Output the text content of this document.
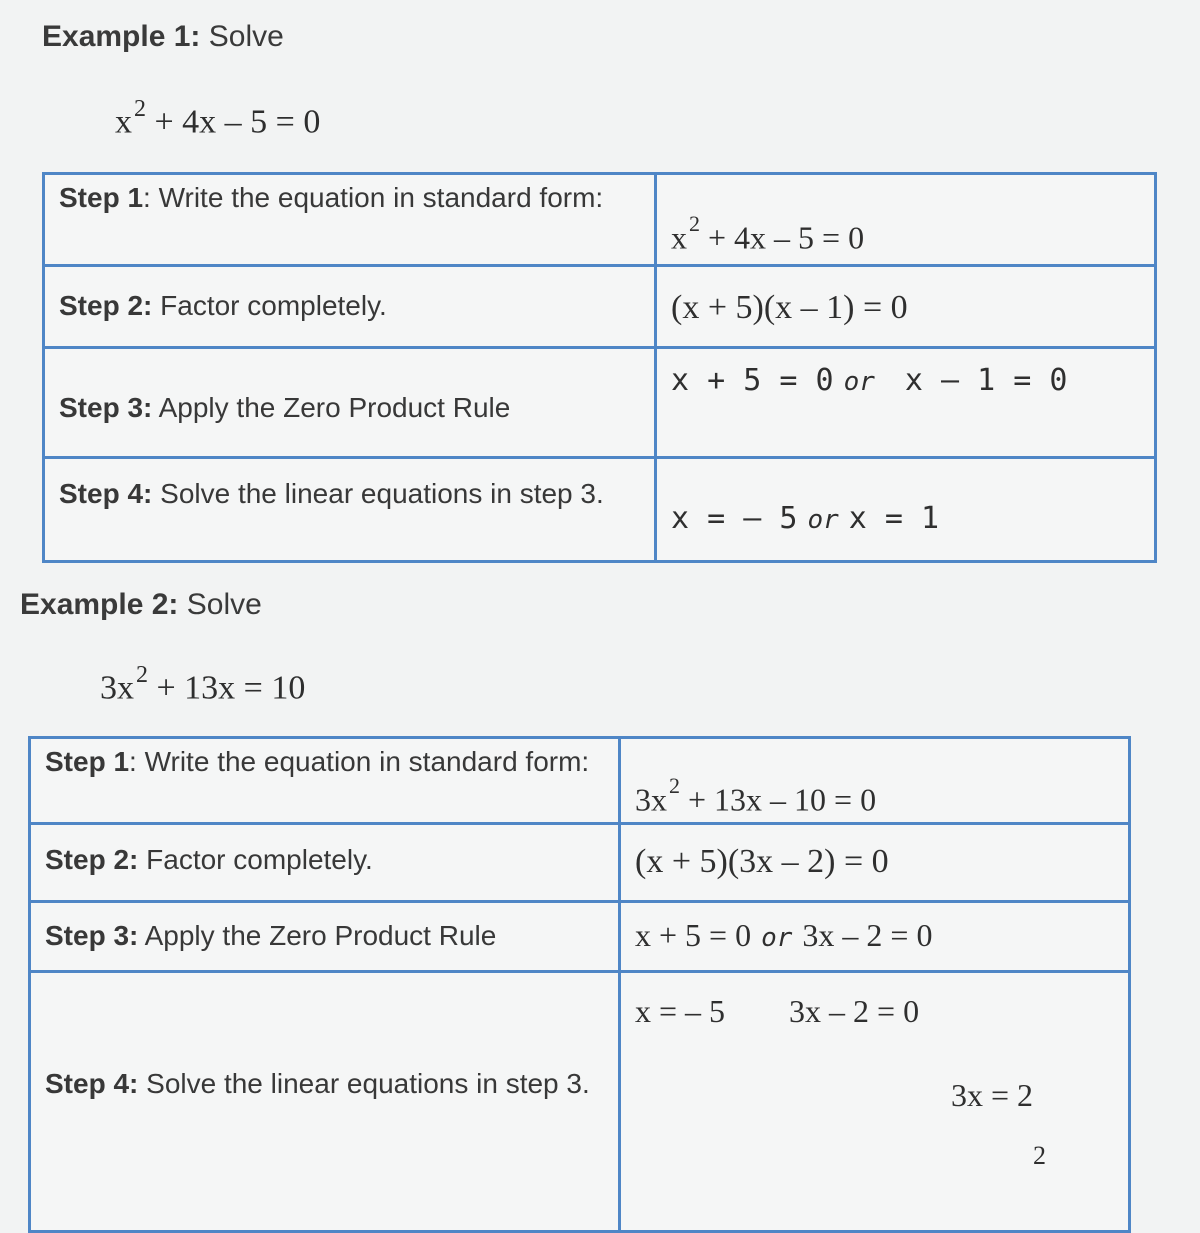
Example 1: Solve
$x^2 + 4x - 5 = 0$
Step 1: Write the equation in standard form:	$x^2 + 4x - 5 = 0$

Step 2: Factor completely.	(x + 5)(x – 1) = 0

Step 3: Apply the Zero Product Rule	x + 5 = 0 or x – 1 = 0

Step 4: Solve the linear equations in step 3.	x = – 5 or x = 1
Example 2: Solve
$3x^2 + 13x = 10$
Step 1: Write the equation in standard form:	$3x^2 + 13x - 10 = 0$

Step 2: Factor completely.	(x + 5)(3x – 2) = 0

Step 3: Apply the Zero Product Rule	x + 5 = 0 or 3x – 2 = 0

Step 4: Solve the linear equations in step 3.	x = – 5 3x – 2 = 0
3x = 2
2
